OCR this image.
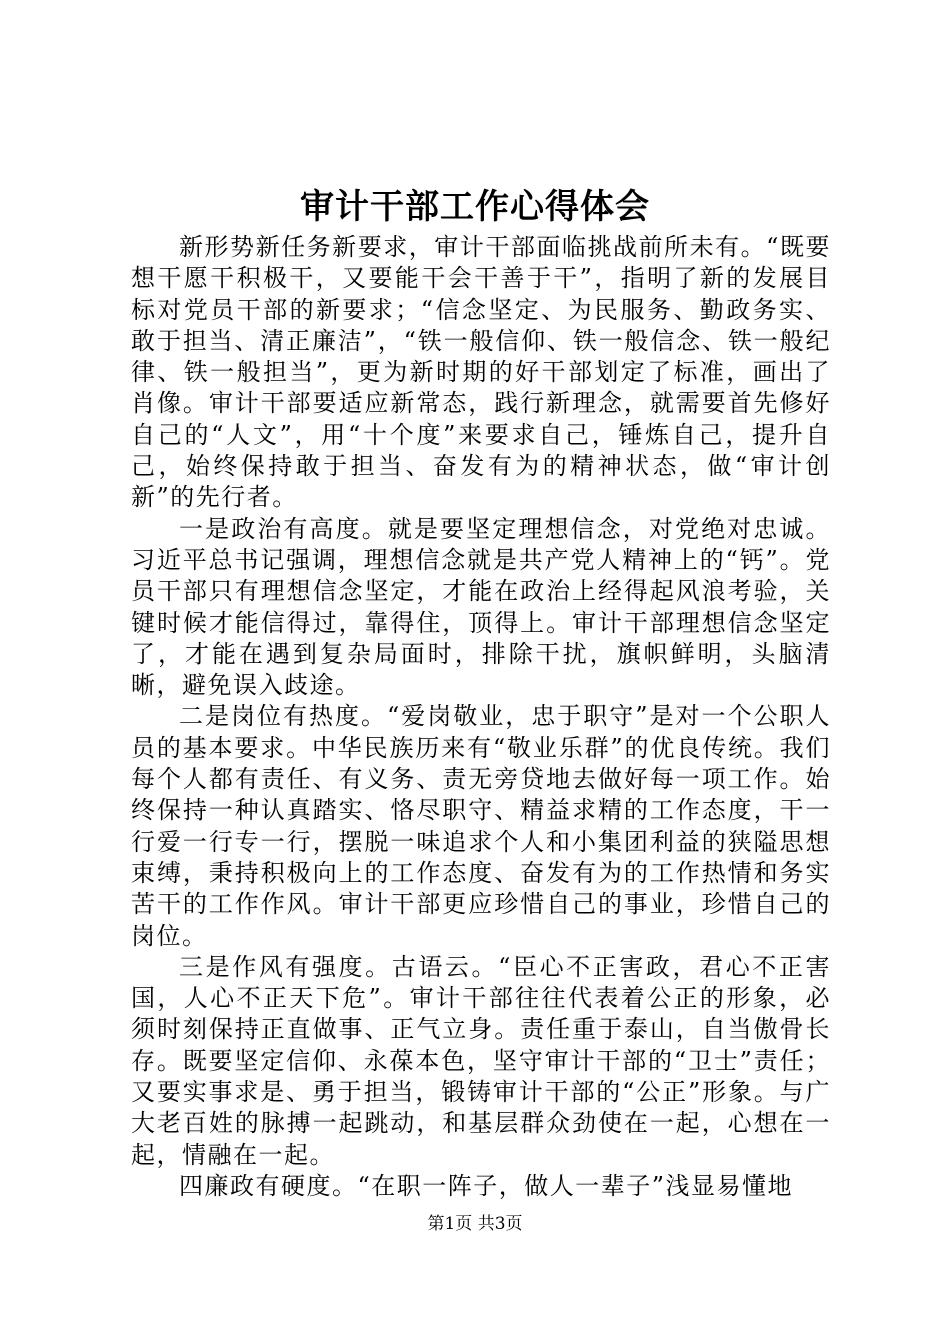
审计干部工作心得体会

新形势新任务新要求，审计干部面临挑战前所未有。“既要想干愿干积极干，又要能干会干善于干”，指明了新的发展目标对党员干部的新要求；“信念坚定、为民服务、勤政务实、敢于担当、清正廉洁”，“铁一般信仰、铁一般信念、铁一般纪律、铁一般担当”，更为新时期的好干部划定了标准，画出了肖像。审计干部要适应新常态，践行新理念，就需要首先修好自己的“人文”，用“十个度”来要求自己，锤炼自己，提升自己，始终保持敢于担当、奋发有为的精神状态，做“审计创新”的先行者。

一是政治有高度。就是要坚定理想信念，对党绝对忠诚。习近平总书记强调，理想信念就是共产党人精神上的“钙”。党员干部只有理想信念坚定，才能在政治上经得起风浪考验，关键时候才能信得过，靠得住，顶得上。审计干部理想信念坚定了，才能在遇到复杂局面时，排除干扰，旗帜鲜明，头脑清晰，避免误入歧途。

二是岗位有热度。“爱岗敬业，忠于职守”是对一个公职人员的基本要求。中华民族历来有“敬业乐群”的优良传统。我们每个人都有责任、有义务、责无旁贷地去做好每一项工作。始终保持一种认真踏实、恪尽职守、精益求精的工作态度，干一行爱一行专一行，摆脱一味追求个人和小集团利益的狭隘思想束缚，秉持积极向上的工作态度、奋发有为的工作热情和务实苦干的工作作风。审计干部更应珍惜自己的事业，珍惜自己的岗位。

三是作风有强度。古语云。“臣心不正害政，君心不正害国，人心不正天下危”。审计干部往往代表着公正的形象，必须时刻保持正直做事、正气立身。责任重于泰山，自当傲骨长存。既要坚定信仰、永葆本色，坚守审计干部的“卫士”责任；又要实事求是、勇于担当，锻铸审计干部的“公正”形象。与广大老百姓的脉搏一起跳动，和基层群众劲使在一起，心想在一起，情融在一起。

四廉政有硬度。“在职一阵子，做人一辈子”浅显易懂地

第1页 共3页
